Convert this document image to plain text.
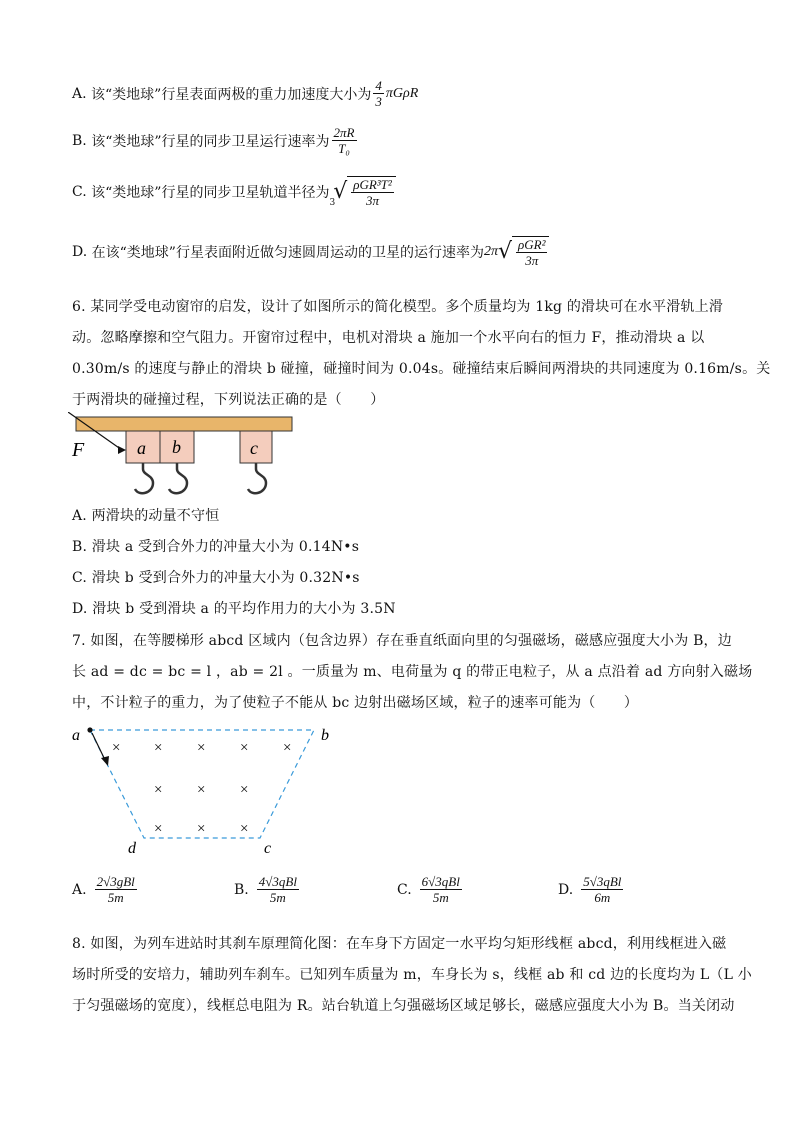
A.
该“类地球”行星表面两极的重力加速度大小为 $\frac{4}{3}$ πGρR
B.
该“类地球”行星的同步卫星运行速率为 $\frac{2\pi R}{\text{T₀}}$
C.
该“类地球”行星的同步卫星轨道半径为
3
√ $\frac{\text{ρGR³T²}}{3\pi}$
D.
在该“类地球”行星表面附近做匀速圆周运动的卫星的运行速率为 2π √ $\frac{\text{ρGR²}}{3\pi}$
6. 某同学受电动窗帘的启发，设计了如图所示的简化模型。多个质量均为 1kg 的滑块可在水平滑轨上滑
动。忽略摩擦和空气阻力。开窗帘过程中，电机对滑块 a 施加一个水平向右的恒力 F，推动滑块 a 以
0.30m/s 的速度与静止的滑块 b 碰撞，碰撞时间为 0.04s。碰撞结束后瞬间两滑块的共同速度为 0.16m/s。关
于两滑块的碰撞过程，下列说法正确的是（　　）
F	a b	c
A. 两滑块的动量不守恒
B. 滑块 a 受到合外力的冲量大小为 0.14N•s
C. 滑块 b 受到合外力的冲量大小为 0.32N•s
D. 滑块 b 受到滑块 a 的平均作用力的大小为 3.5N
7. 如图，在等腰梯形 abcd 区域内（包含边界）存在垂直纸面向里的匀强磁场，磁感应强度大小为 B，边
长 ad = dc = bc = l ，ab = 2l 。一质量为 m、电荷量为 q 的带正电粒子，从 a 点沿着 ad 方向射入磁场
中，不计粒子的重力，为了使粒子不能从 bc 边射出磁场区域，粒子的速率可能为（　　）
a	b
c
d
× × × × ×
× × ×
× × ×
A. $\frac{\text{2√3gBl}}{5m}$	B. $\frac{\text{4√3qBl}}{5m}$	C. $\frac{\text{6√3qBl}}{5m}$	D. $\frac{\text{5√3qBl}}{6m}$
8. 如图，为列车进站时其刹车原理简化图：在车身下方固定一水平均匀矩形线框 abcd，利用线框进入磁
场时所受的安培力，辅助列车刹车。已知列车质量为 m，车身长为 s，线框 ab 和 cd 边的长度均为 L（L 小
于匀强磁场的宽度），线框总电阻为 R。站台轨道上匀强磁场区域足够长，磁感应强度大小为 B。当关闭动
